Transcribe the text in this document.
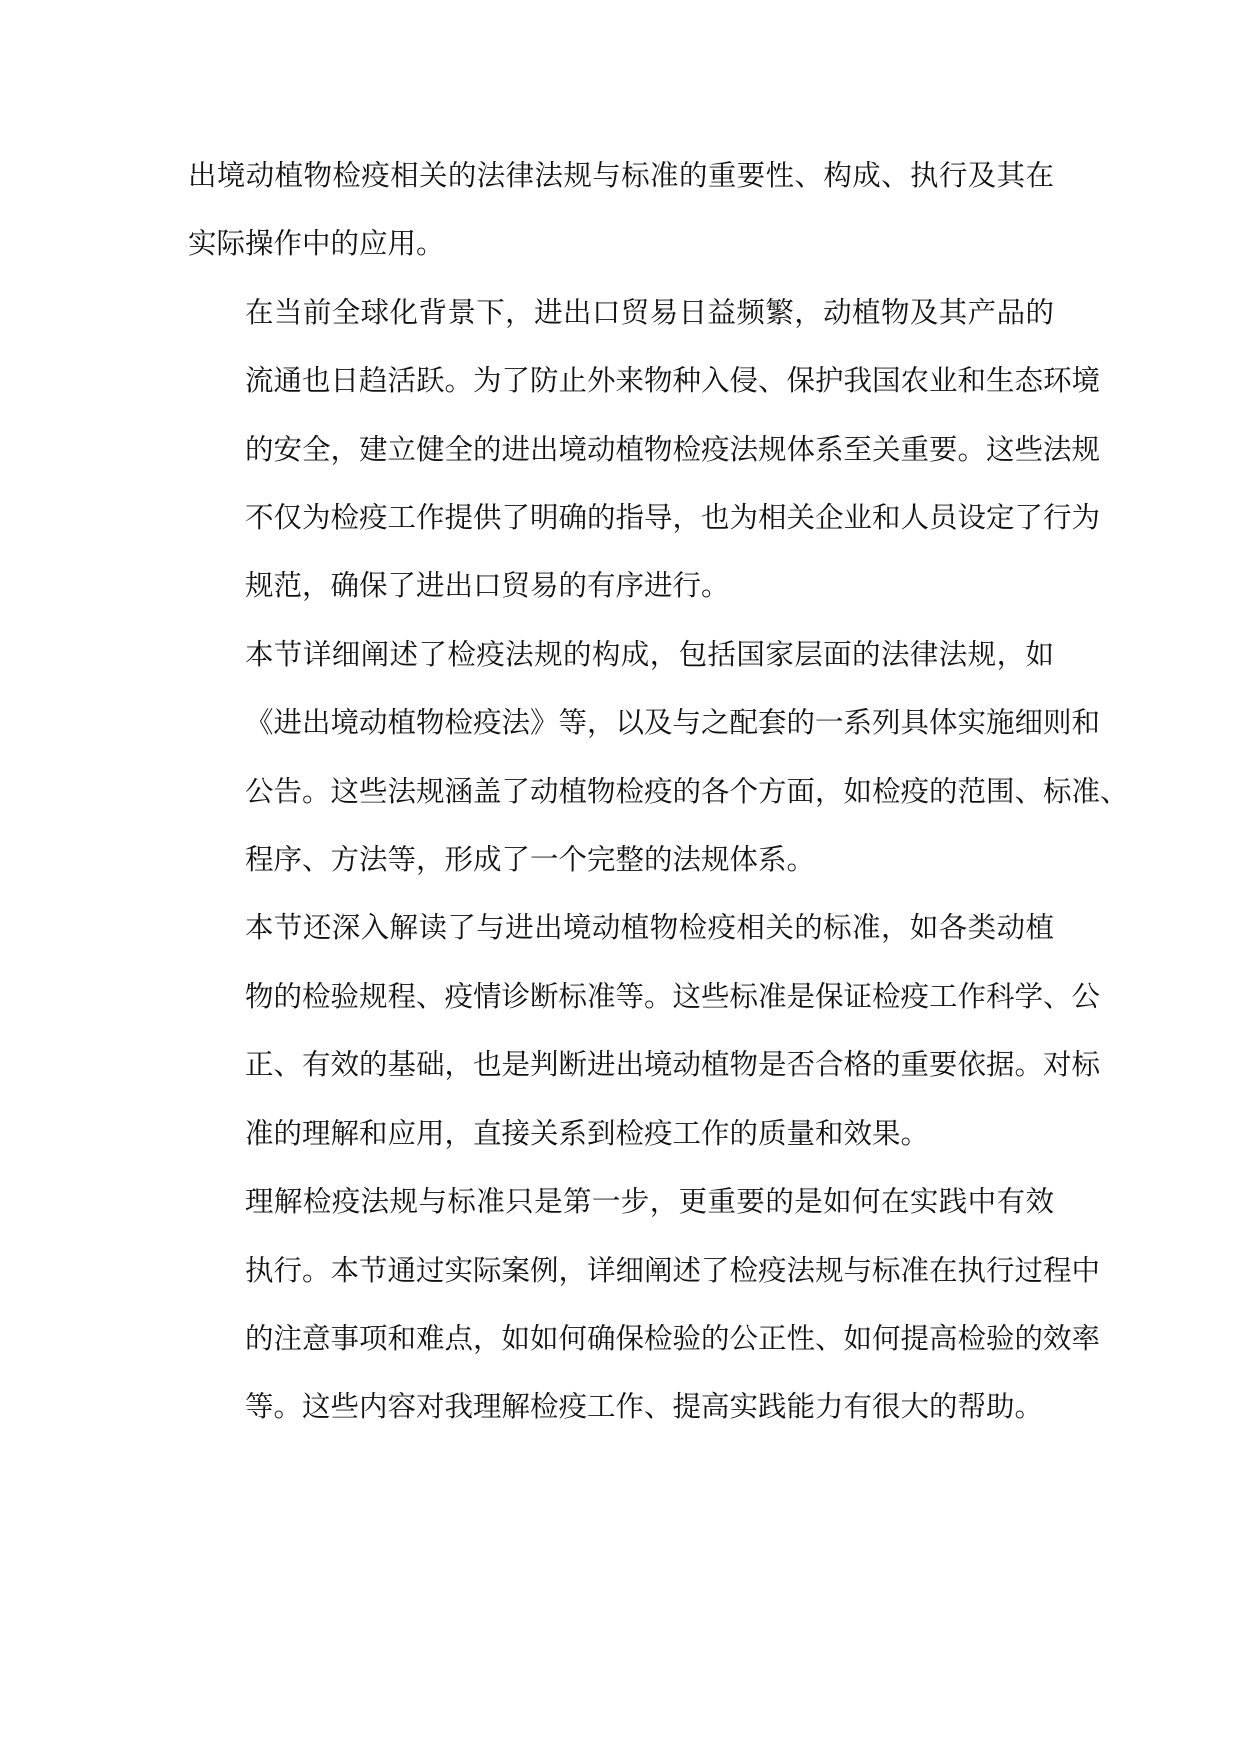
出境动植物检疫相关的法律法规与标准的重要性、构成、执行及其在
实际操作中的应用。

在当前全球化背景下，进出口贸易日益频繁，动植物及其产品的
流通也日趋活跃。为了防止外来物种入侵、保护我国农业和生态环境
的安全，建立健全的进出境动植物检疫法规体系至关重要。这些法规
不仅为检疫工作提供了明确的指导，也为相关企业和人员设定了行为
规范，确保了进出口贸易的有序进行。

本节详细阐述了检疫法规的构成，包括国家层面的法律法规，如
《进出境动植物检疫法》等，以及与之配套的一系列具体实施细则和
公告。这些法规涵盖了动植物检疫的各个方面，如检疫的范围、标准、
程序、方法等，形成了一个完整的法规体系。

本节还深入解读了与进出境动植物检疫相关的标准，如各类动植
物的检验规程、疫情诊断标准等。这些标准是保证检疫工作科学、公
正、有效的基础，也是判断进出境动植物是否合格的重要依据。对标
准的理解和应用，直接关系到检疫工作的质量和效果。

理解检疫法规与标准只是第一步，更重要的是如何在实践中有效
执行。本节通过实际案例，详细阐述了检疫法规与标准在执行过程中
的注意事项和难点，如如何确保检验的公正性、如何提高检验的效率
等。这些内容对我理解检疫工作、提高实践能力有很大的帮助。
